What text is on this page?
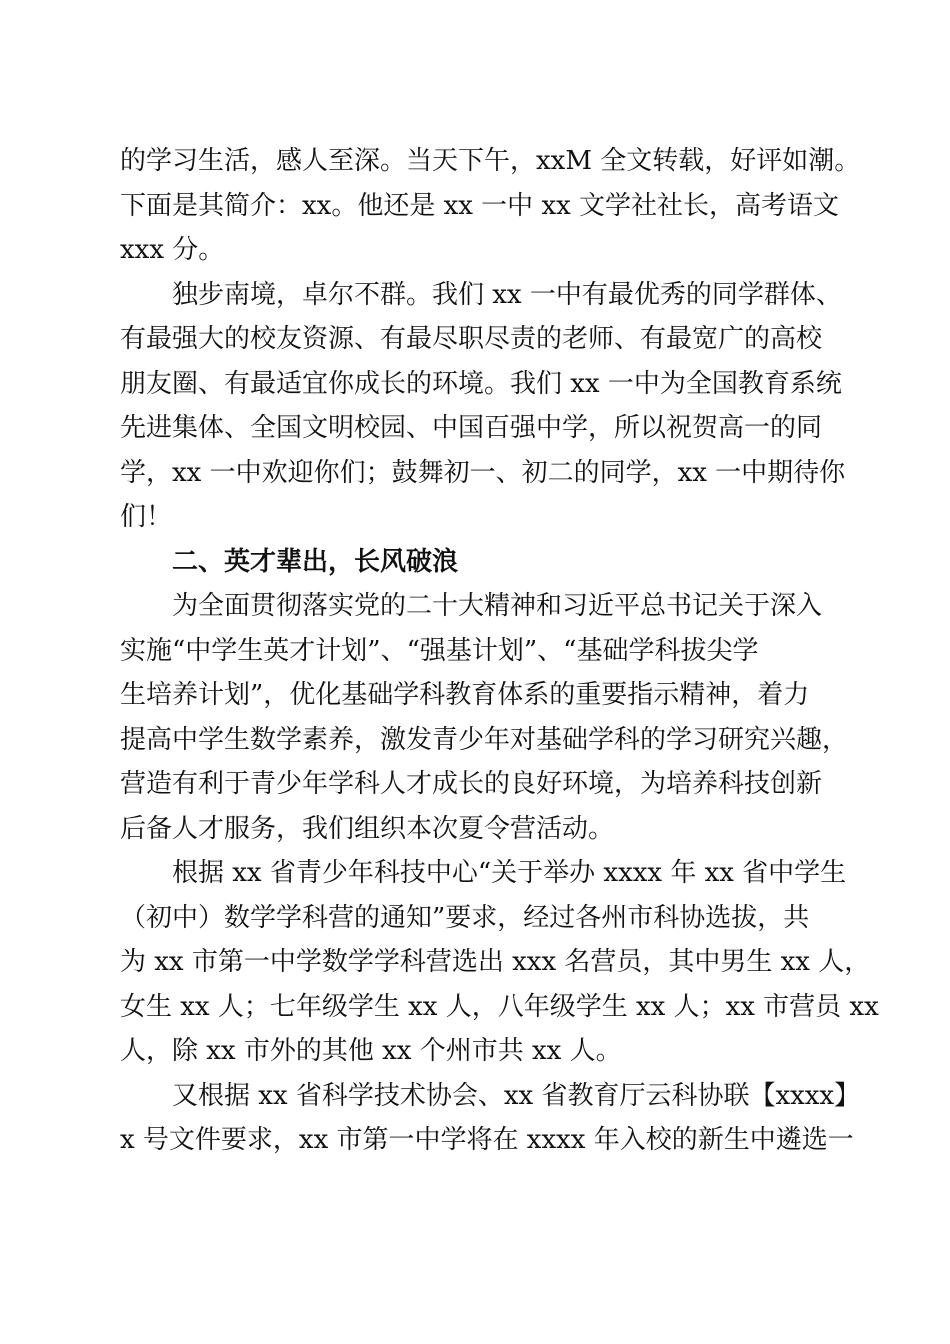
的学习生活，感人至深。当天下午，xxM 全文转载，好评如潮。
下面是其简介：xx。他还是 xx 一中 xx 文学社社长，高考语文
xxx 分。
独步南境，卓尔不群。我们 xx 一中有最优秀的同学群体、
有最强大的校友资源、有最尽职尽责的老师、有最宽广的高校
朋友圈、有最适宜你成长的环境。我们 xx 一中为全国教育系统
先进集体、全国文明校园、中国百强中学，所以祝贺高一的同
学，xx 一中欢迎你们；鼓舞初一、初二的同学，xx 一中期待你
们！
二、英才辈出，长风破浪
为全面贯彻落实党的二十大精神和习近平总书记关于深入
实施“中学生英才计划”、“强基计划”、“基础学科拔尖学
生培养计划”，优化基础学科教育体系的重要指示精神，着力
提高中学生数学素养，激发青少年对基础学科的学习研究兴趣，
营造有利于青少年学科人才成长的良好环境，为培养科技创新
后备人才服务，我们组织本次夏令营活动。
根据 xx 省青少年科技中心“关于举办 xxxx 年 xx 省中学生
（初中）数学学科营的通知”要求，经过各州市科协选拔，共
为 xx 市第一中学数学学科营选出 xxx 名营员，其中男生 xx 人，
女生 xx 人；七年级学生 xx 人，八年级学生 xx 人；xx 市营员 xx
人，除 xx 市外的其他 xx 个州市共 xx 人。
又根据 xx 省科学技术协会、xx 省教育厅云科协联【xxxx】
x 号文件要求，xx 市第一中学将在 xxxx 年入校的新生中遴选一
